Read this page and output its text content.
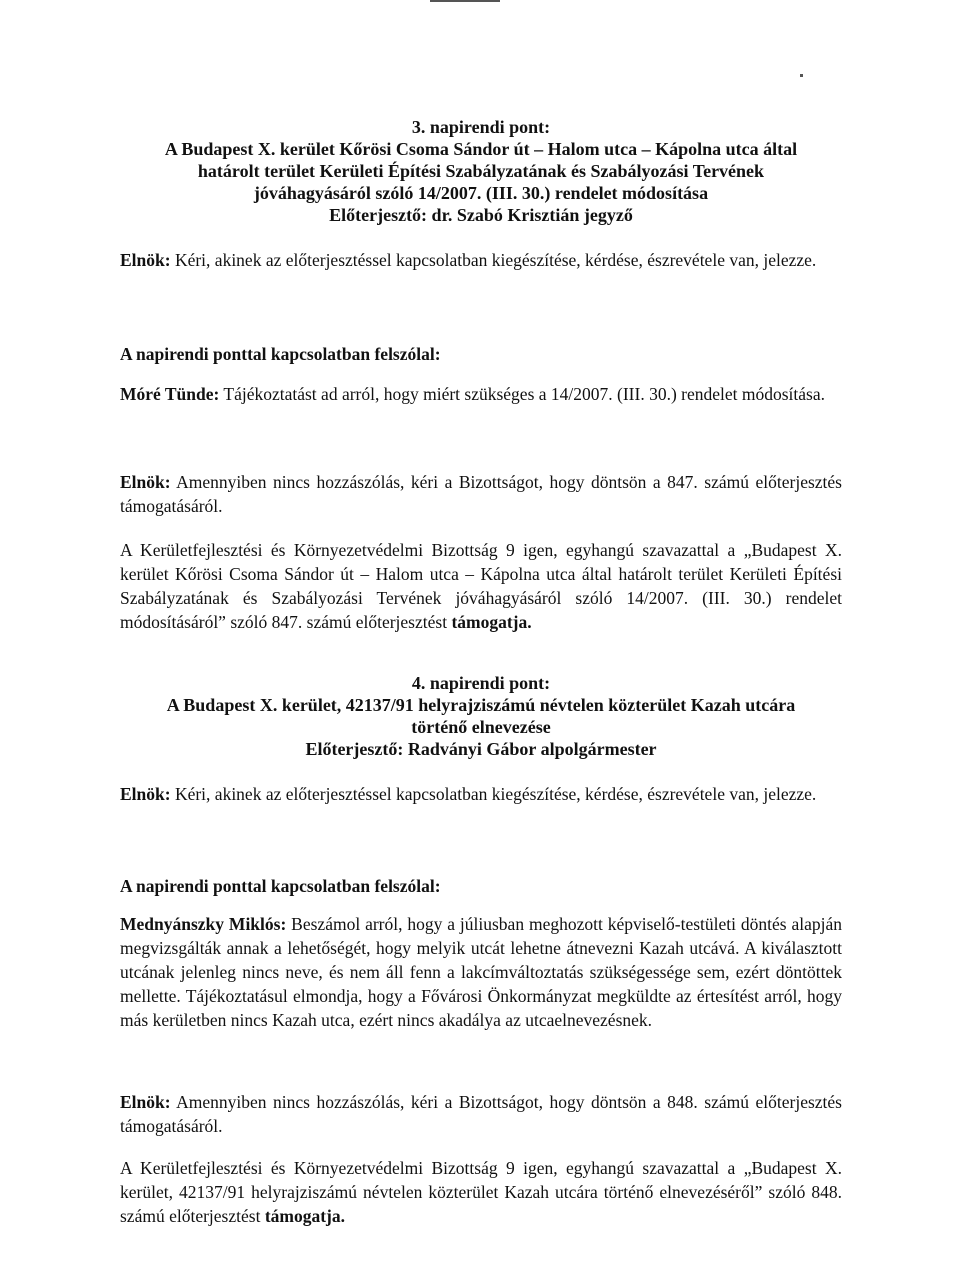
3. napirendi pont:

A Budapest X. kerület Kőrösi Csoma Sándor út – Halom utca – Kápolna utca által

határolt terület Kerületi Építési Szabályzatának és Szabályozási Tervének

jóváhagyásáról szóló 14/2007. (III. 30.) rendelet módosítása

Előterjesztő: dr. Szabó Krisztián jegyző

Elnök: Kéri, akinek az előterjesztéssel kapcsolatban kiegészítése, kérdése, észrevétele van, jelezze.

A napirendi ponttal kapcsolatban felszólal:

Móré Tünde: Tájékoztatást ad arról, hogy miért szükséges a 14/2007. (III. 30.) rendelet módosítása.

Elnök: Amennyiben nincs hozzászólás, kéri a Bizottságot, hogy döntsön a 847. számú előterjesztés támogatásáról.

A Kerületfejlesztési és Környezetvédelmi Bizottság 9 igen, egyhangú szavazattal a „Budapest X. kerület Kőrösi Csoma Sándor út – Halom utca – Kápolna utca által határolt terület Kerületi Építési Szabályzatának és Szabályozási Tervének jóváhagyásáról szóló 14/2007. (III. 30.) rendelet módosításáról” szóló 847. számú előterjesztést támogatja.

4. napirendi pont:

A Budapest X. kerület, 42137/91 helyrajziszámú névtelen közterület Kazah utcára

történő elnevezése

Előterjesztő: Radványi Gábor alpolgármester

Elnök: Kéri, akinek az előterjesztéssel kapcsolatban kiegészítése, kérdése, észrevétele van, jelezze.

A napirendi ponttal kapcsolatban felszólal:

Mednyánszky Miklós: Beszámol arról, hogy a júliusban meghozott képviselő-testületi döntés alapján megvizsgálták annak a lehetőségét, hogy melyik utcát lehetne átnevezni Kazah utcává. A kiválasztott utcának jelenleg nincs neve, és nem áll fenn a lakcímváltoztatás szükségessége sem, ezért döntöttek mellette. Tájékoztatásul elmondja, hogy a Fővárosi Önkormányzat megküldte az értesítést arról, hogy más kerületben nincs Kazah utca, ezért nincs akadálya az utcaelnevezésnek.

Elnök: Amennyiben nincs hozzászólás, kéri a Bizottságot, hogy döntsön a 848. számú előterjesztés támogatásáról.

A Kerületfejlesztési és Környezetvédelmi Bizottság 9 igen, egyhangú szavazattal a „Budapest X. kerület, 42137/91 helyrajziszámú névtelen közterület Kazah utcára történő elnevezéséről” szóló 848. számú előterjesztést támogatja.
